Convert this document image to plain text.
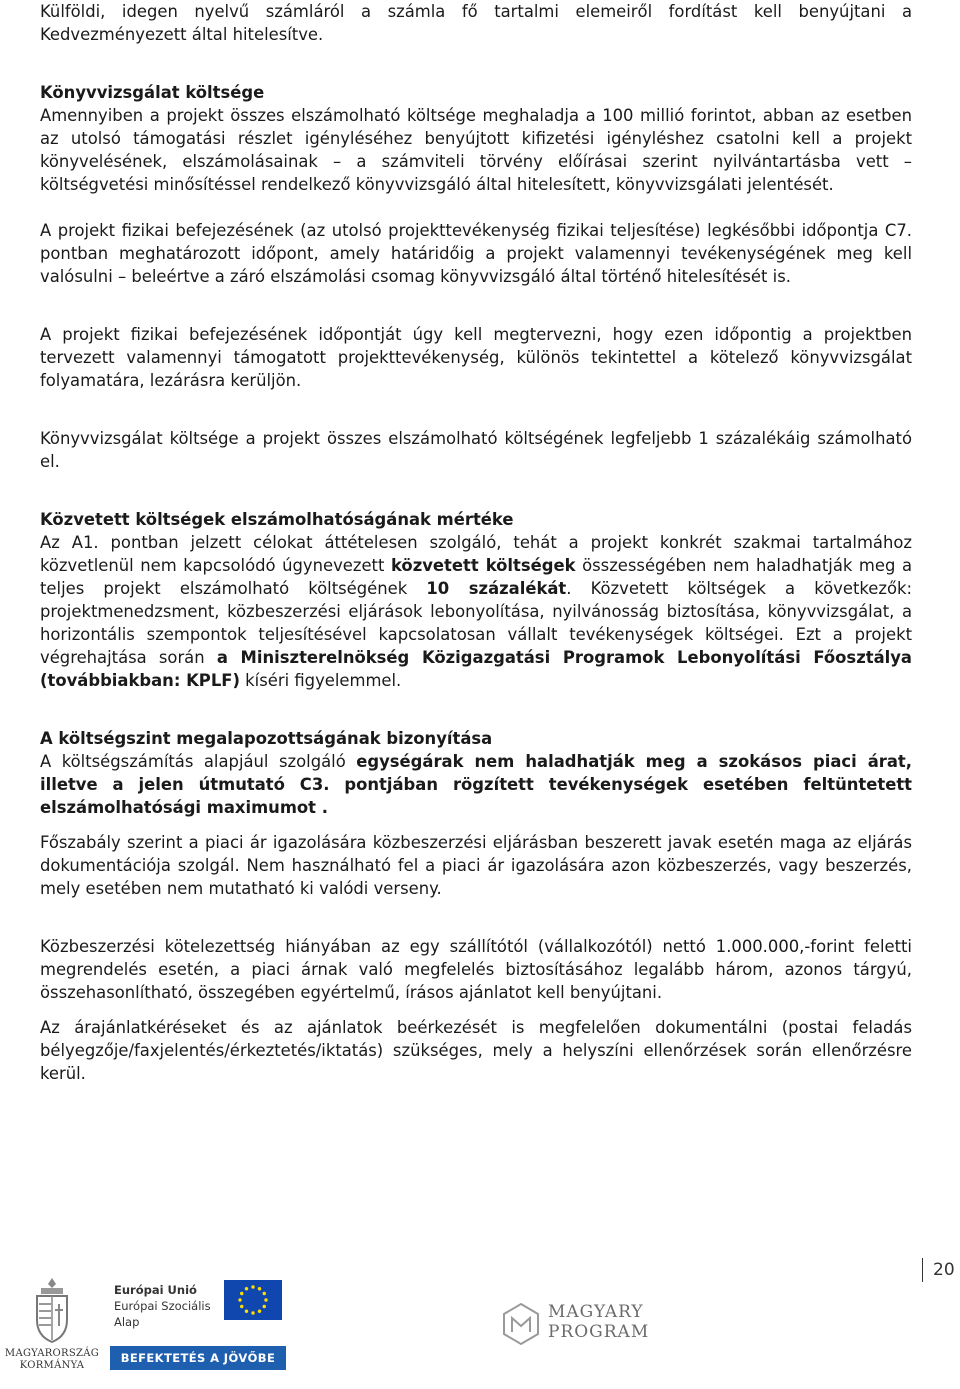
Külföldi, idegen nyelvű számláról a számla fő tartalmi elemeiről fordítást kell benyújtani a Kedvezményezett által hitelesítve.

Könyvvizsgálat költsége

Amennyiben a projekt összes elszámolható költsége meghaladja a 100 millió forintot, abban az esetben az utolsó támogatási részlet igényléséhez benyújtott kifizetési igényléshez csatolni kell a projekt könyvelésének, elszámolásainak – a számviteli törvény előírásai szerint nyilvántartásba vett – költségvetési minősítéssel rendelkező könyvvizsgáló által hitelesített, könyvvizsgálati jelentését.

A projekt fizikai befejezésének (az utolsó projekttevékenység fizikai teljesítése) legkésőbbi időpontja C7. pontban meghatározott időpont, amely határidőig a projekt valamennyi tevékenységének meg kell valósulni – beleértve a záró elszámolási csomag könyvvizsgáló által történő hitelesítését is.

A projekt fizikai befejezésének időpontját úgy kell megtervezni, hogy ezen időpontig a projektben tervezett valamennyi támogatott projekttevékenység, különös tekintettel a kötelező könyvvizsgálat folyamatára, lezárásra kerüljön.

Könyvvizsgálat költsége a projekt összes elszámolható költségének legfeljebb 1 százalékáig számolható el.

Közvetett költségek elszámolhatóságának mértéke

Az A1. pontban jelzett célokat áttételesen szolgáló, tehát a projekt konkrét szakmai tartalmához közvetlenül nem kapcsolódó úgynevezett közvetett költségek összességében nem haladhatják meg a teljes projekt elszámolható költségének 10 százalékát. Közvetett költségek a következők: projektmenedzsment, közbeszerzési eljárások lebonyolítása, nyilvánosság biztosítása, könyvvizsgálat, a horizontális szempontok teljesítésével kapcsolatosan vállalt tevékenységek költségei. Ezt a projekt végrehajtása során a Miniszterelnökség Közigazgatási Programok Lebonyolítási Főosztálya (továbbiakban: KPLF) kíséri figyelemmel.

A költségszint megalapozottságának bizonyítása

A költségszámítás alapjául szolgáló egységárak nem haladhatják meg a szokásos piaci árat, illetve a jelen útmutató C3. pontjában rögzített tevékenységek esetében feltüntetett elszámolhatósági maximumot .

Főszabály szerint a piaci ár igazolására közbeszerzési eljárásban beszerett javak esetén maga az eljárás dokumentációja szolgál. Nem használható fel a piaci ár igazolására azon közbeszerzés, vagy beszerzés, mely esetében nem mutatható ki valódi verseny.

Közbeszerzési kötelezettség hiányában az egy szállítótól (vállalkozótól) nettó 1.000.000,-forint feletti megrendelés esetén, a piaci árnak való megfelelés biztosításához legalább három, azonos tárgyú, összehasonlítható, összegében egyértelmű, írásos ajánlatot kell benyújtani.

Az árajánlatkéréseket és az ajánlatok beérkezését is megfelelően dokumentálni (postai feladás bélyegzője/faxjelentés/érkeztetés/iktatás) szükséges, mely a helyszíni ellenőrzések során ellenőrzésre kerül.

20
MAGYARORSZÁG
KORMÁNYA
Európai Unió
Európai Szociális
Alap
BEFEKTETÉS A JÖVŐBE
MAGYARY
PROGRAM
